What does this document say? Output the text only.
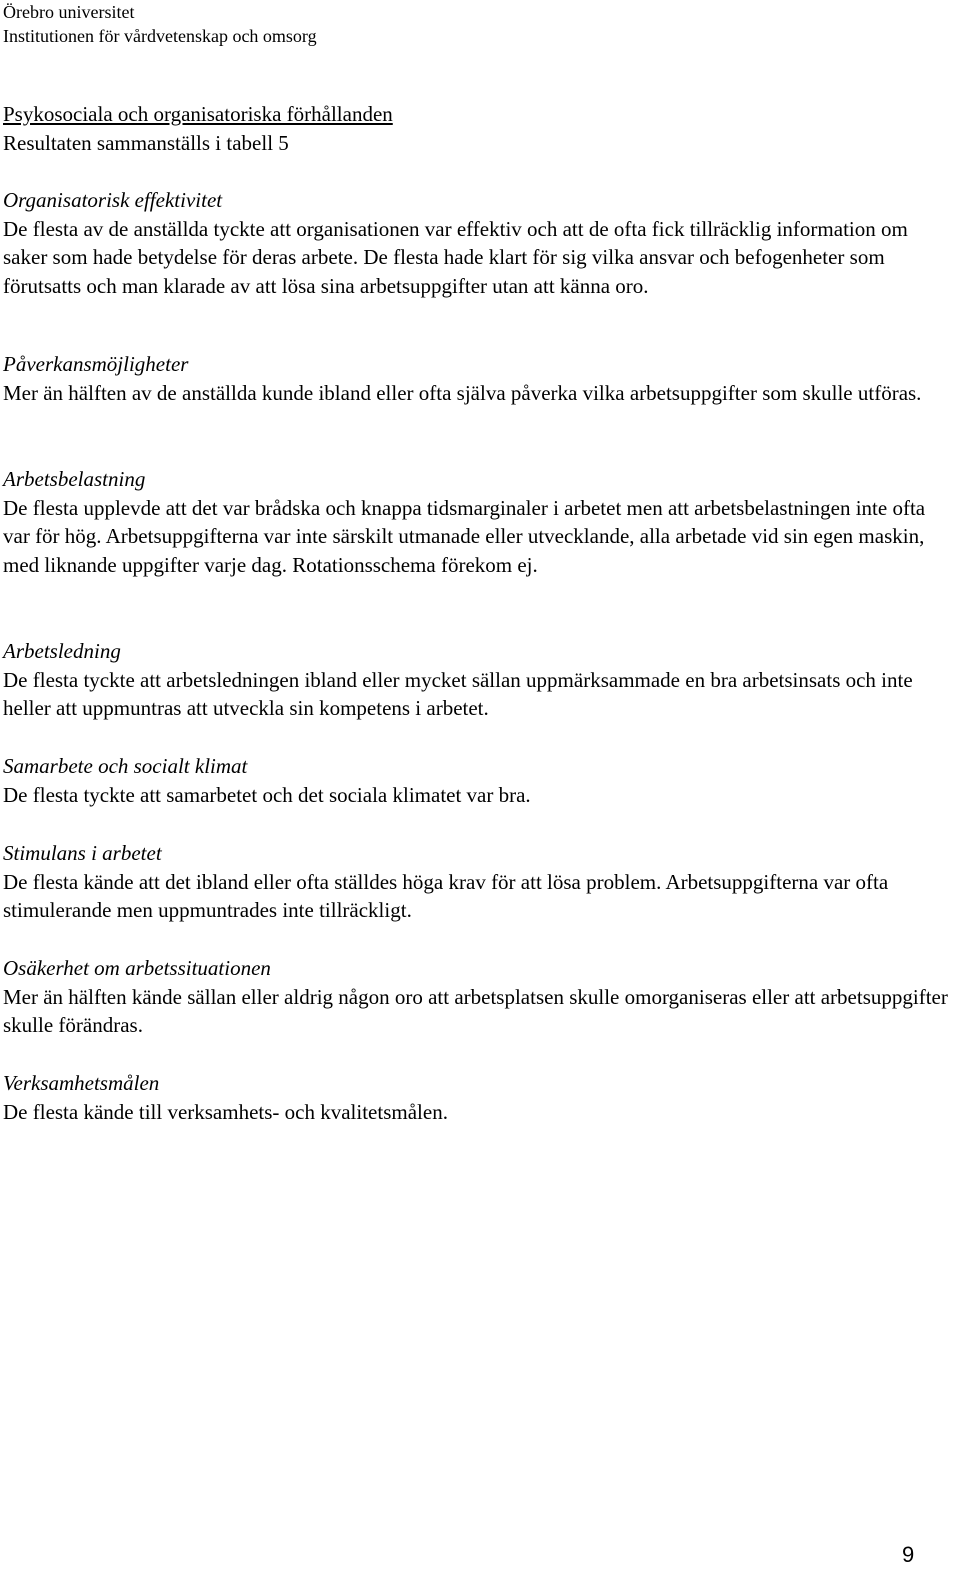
Örebro universitet
Institutionen för vårdvetenskap och omsorg
Psykosociala och organisatoriska förhållanden
Resultaten sammanställs i tabell 5
Organisatorisk effektivitet

De flesta av de anställda tyckte att organisationen var effektiv och att de ofta fick tillräcklig information om saker som hade betydelse för deras arbete. De flesta hade klart för sig vilka ansvar och befogenheter som förutsatts och man klarade av att lösa sina arbetsuppgifter utan att känna oro.

Påverkansmöjligheter

Mer än hälften av de anställda kunde ibland eller ofta själva påverka vilka arbetsuppgifter som skulle utföras.

Arbetsbelastning

De flesta upplevde att det var brådska och knappa tidsmarginaler i arbetet men att arbetsbelastningen inte ofta var för hög. Arbetsuppgifterna var inte särskilt utmanade eller utvecklande, alla arbetade vid sin egen maskin, med liknande uppgifter varje dag. Rotationsschema förekom ej.

Arbetsledning

De flesta tyckte att arbetsledningen ibland eller mycket sällan uppmärksammade en bra arbetsinsats och inte heller att uppmuntras att utveckla sin kompetens i arbetet.

Samarbete och socialt klimat

De flesta tyckte att samarbetet och det sociala klimatet var bra.

Stimulans i arbetet

De flesta kände att det ibland eller ofta ställdes höga krav för att lösa problem. Arbetsuppgifterna var ofta stimulerande men uppmuntrades inte tillräckligt.

Osäkerhet om arbetssituationen

Mer än hälften kände sällan eller aldrig någon oro att arbetsplatsen skulle omorganiseras eller att arbetsuppgifter skulle förändras.

Verksamhetsmålen

De flesta kände till verksamhets- och kvalitetsmålen.

9
